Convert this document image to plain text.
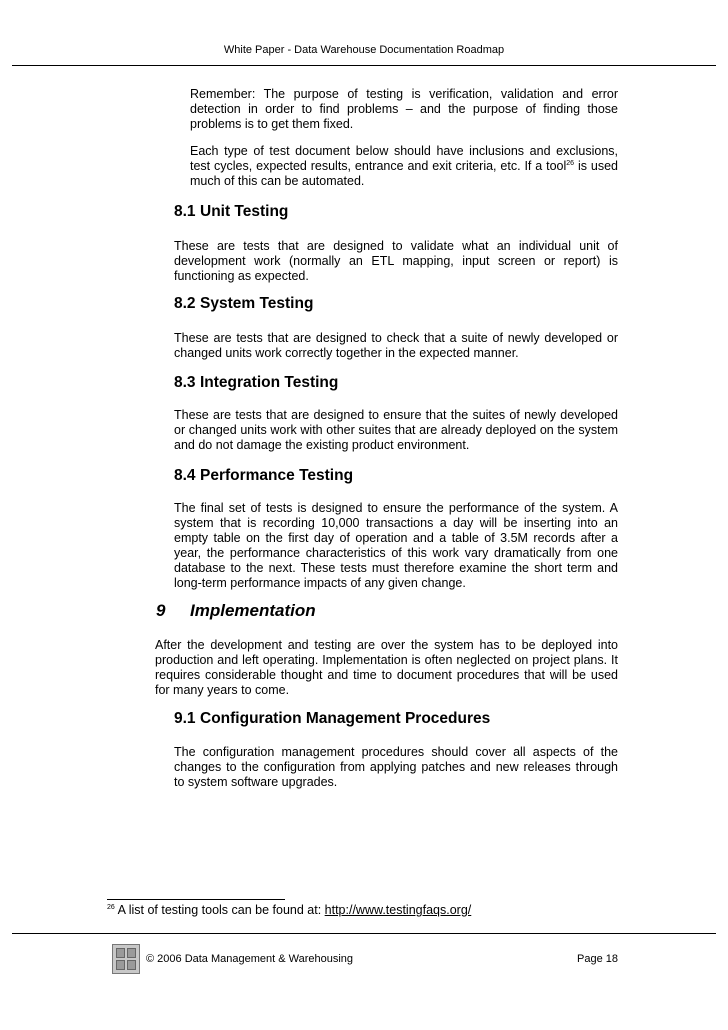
White Paper - Data Warehouse Documentation Roadmap

Remember: The purpose of testing is verification, validation and error detection in order to find problems – and the purpose of finding those problems is to get them fixed.

Each type of test document below should have inclusions and exclusions, test cycles, expected results, entrance and exit criteria, etc. If a tool$^{26}$ is used much of this can be automated.

8.1 Unit Testing

These are tests that are designed to validate what an individual unit of development work (normally an ETL mapping, input screen or report) is functioning as expected.

8.2 System Testing

These are tests that are designed to check that a suite of newly developed or changed units work correctly together in the expected manner.

8.3 Integration Testing

These are tests that are designed to ensure that the suites of newly developed or changed units work with other suites that are already deployed on the system and do not damage the existing product environment.

8.4 Performance Testing

The final set of tests is designed to ensure the performance of the system. A system that is recording 10,000 transactions a day will be inserting into an empty table on the first day of operation and a table of 3.5M records after a year, the performance characteristics of this work vary dramatically from one database to the next. These tests must therefore examine the short term and long-term performance impacts of any given change.

9 Implementation

After the development and testing are over the system has to be deployed into production and left operating. Implementation is often neglected on project plans. It requires considerable thought and time to document procedures that will be used for many years to come.

9.1 Configuration Management Procedures

The configuration management procedures should cover all aspects of the changes to the configuration from applying patches and new releases through to system software upgrades.

$^{26}$ A list of testing tools can be found at: http://www.testingfaqs.org/
© 2006 Data Management & Warehousing	Page 18
